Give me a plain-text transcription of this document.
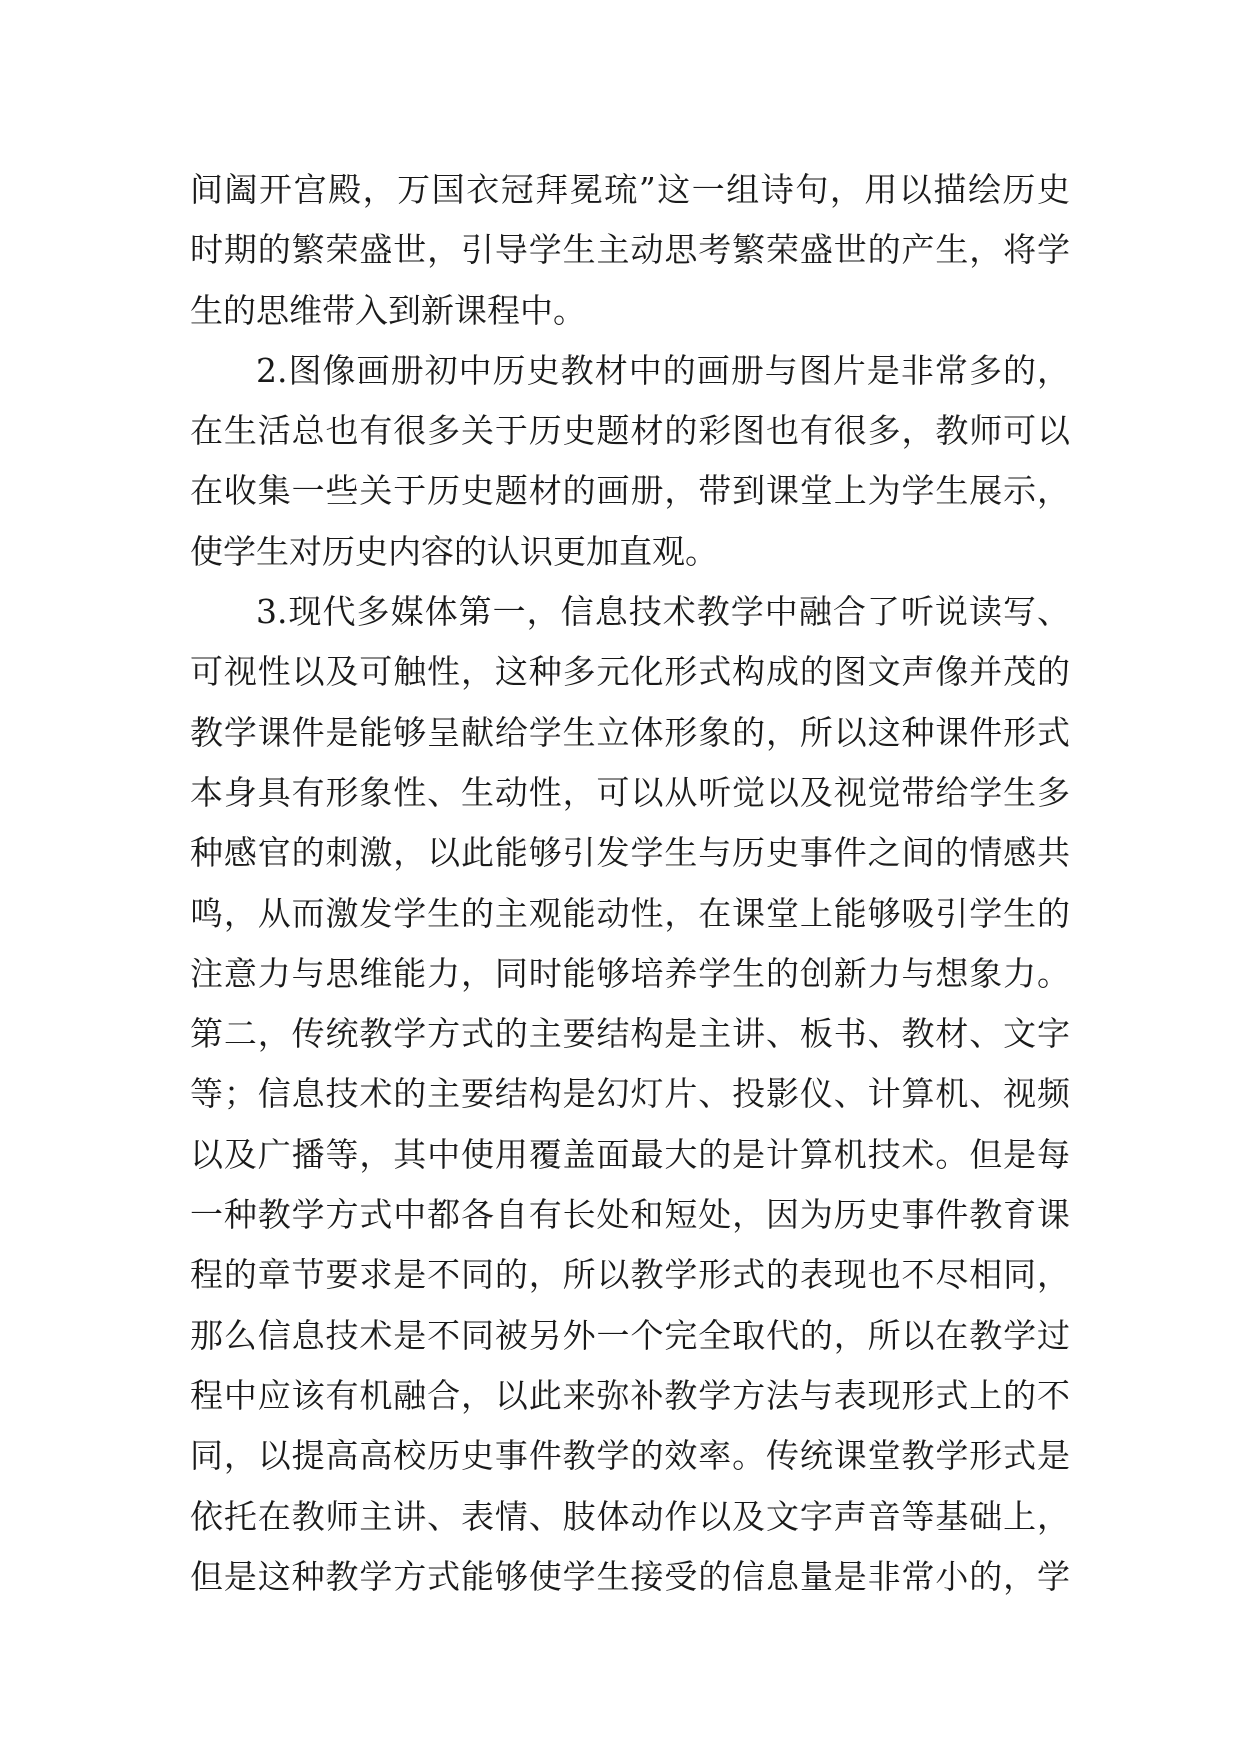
间阖开宫殿，万国衣冠拜冕琉”这一组诗句，用以描绘历史
时期的繁荣盛世，引导学生主动思考繁荣盛世的产生，将学
生的思维带入到新课程中。
2.图像画册初中历史教材中的画册与图片是非常多的，
在生活总也有很多关于历史题材的彩图也有很多，教师可以
在收集一些关于历史题材的画册，带到课堂上为学生展示，
使学生对历史内容的认识更加直观。
3.现代多媒体第一，信息技术教学中融合了听说读写、
可视性以及可触性，这种多元化形式构成的图文声像并茂的
教学课件是能够呈献给学生立体形象的，所以这种课件形式
本身具有形象性、生动性，可以从听觉以及视觉带给学生多
种感官的刺激，以此能够引发学生与历史事件之间的情感共
鸣，从而激发学生的主观能动性，在课堂上能够吸引学生的
注意力与思维能力，同时能够培养学生的创新力与想象力。
第二，传统教学方式的主要结构是主讲、板书、教材、文字
等；信息技术的主要结构是幻灯片、投影仪、计算机、视频
以及广播等，其中使用覆盖面最大的是计算机技术。但是每
一种教学方式中都各自有长处和短处，因为历史事件教育课
程的章节要求是不同的，所以教学形式的表现也不尽相同，
那么信息技术是不同被另外一个完全取代的，所以在教学过
程中应该有机融合，以此来弥补教学方法与表现形式上的不
同，以提高高校历史事件教学的效率。传统课堂教学形式是
依托在教师主讲、表情、肢体动作以及文字声音等基础上，
但是这种教学方式能够使学生接受的信息量是非常小的，学
